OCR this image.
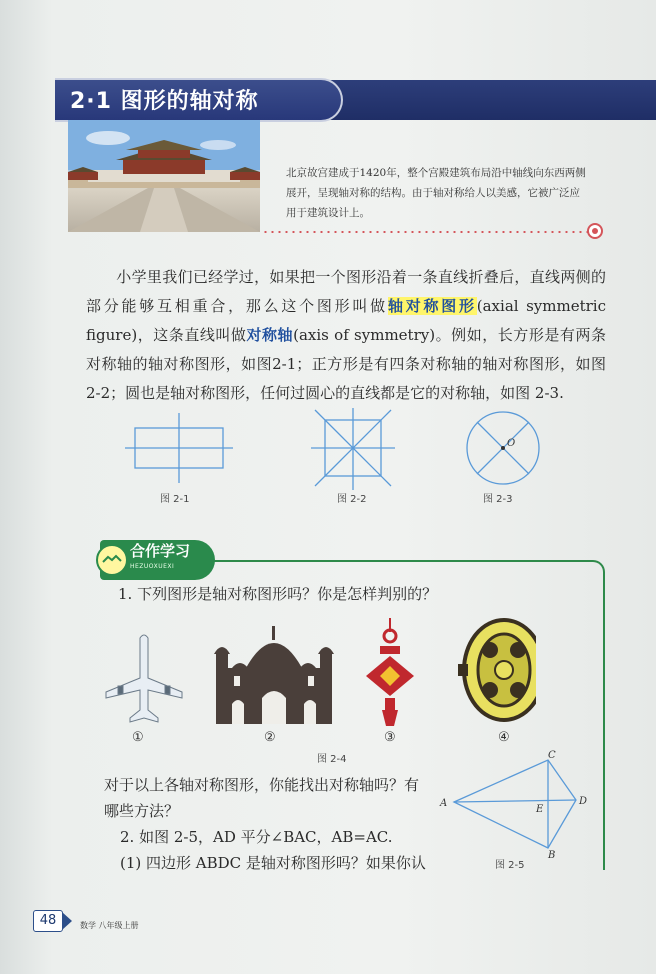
2·1 图形的轴对称
北京故宫建成于1420年，整个宫殿建筑布局沿中轴线向东西两侧展开，呈现轴对称的结构。由于轴对称给人以美感，它被广泛应用于建筑设计上。
  小学里我们已经学过，如果把一个图形沿着一条直线折叠后，直线两侧的部分能够互相重合，那么这个图形叫做轴对称图形(axial symmetric figure)，这条直线叫做对称轴(axis of symmetry)。例如，长方形是有两条对称轴的轴对称图形，如图2-1；正方形是有四条对称轴的轴对称图形，如图 2-2；圆也是轴对称图形，任何过圆心的直线都是它的对称轴，如图 2-3.
O
图 2-1	图 2-2	图 2-3
合作学习
HEZUOXUEXI
1. 下列图形是轴对称图形吗？你是怎样判别的？
①	②	③	④
图 2-4
对于以上各轴对称图形，你能找出对称轴吗？有哪些方法？
2. 如图 2-5，AD 平分∠BAC，AB=AC.
(1) 四边形 ABDC 是轴对称图形吗？如果你认
A
C
D
B
E
图 2-5
48	数学 八年级上册
